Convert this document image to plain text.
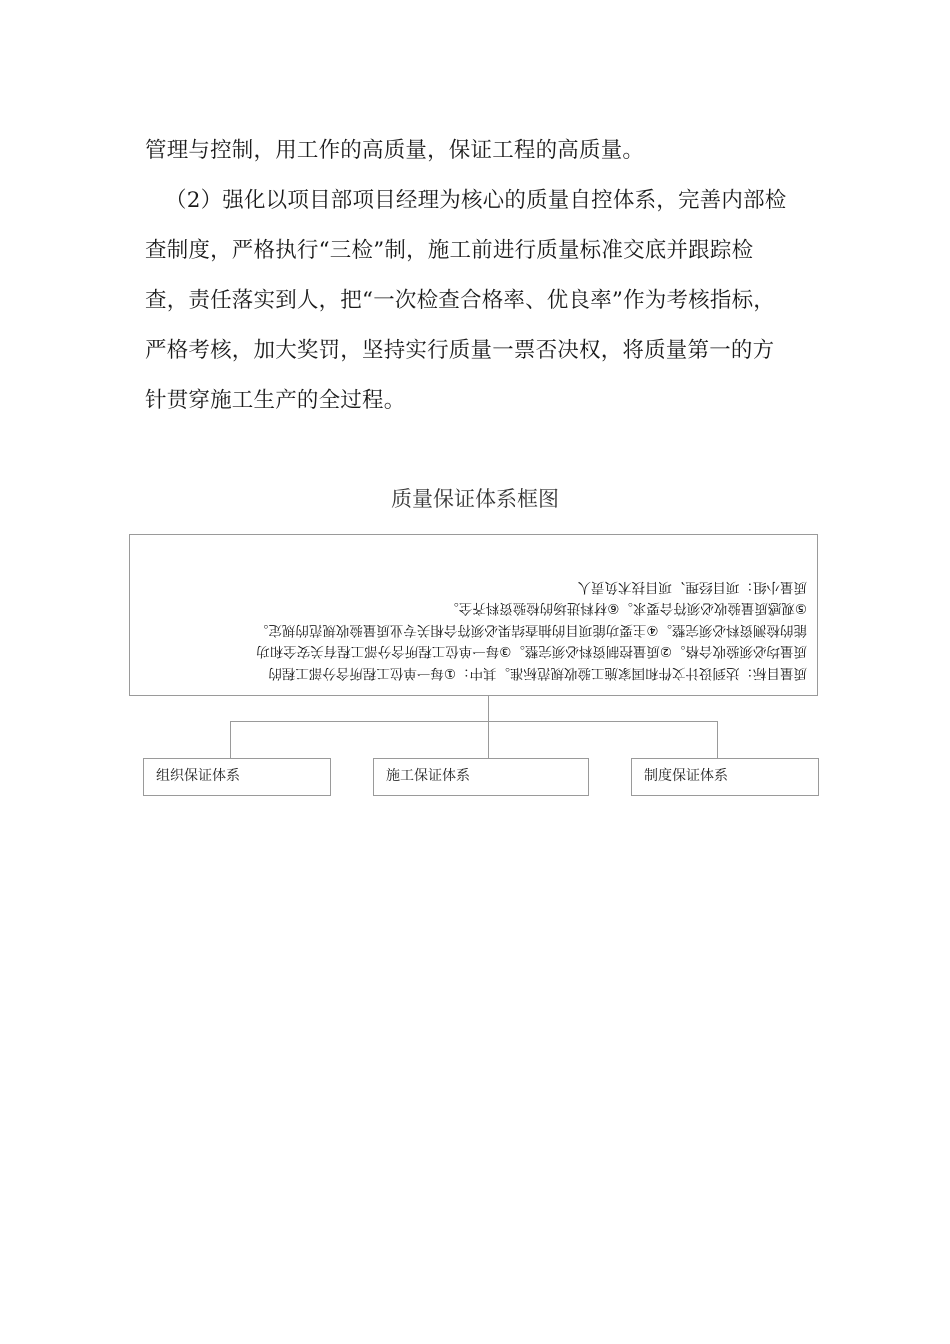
管理与控制，用工作的高质量，保证工程的高质量。
（2）强化以项目部项目经理为核心的质量自控体系，完善内部检
查制度，严格执行“三检”制，施工前进行质量标准交底并跟踪检
查，责任落实到人，把“一次检查合格率、优良率”作为考核指标，
严格考核，加大奖罚，坚持实行质量一票否决权，将质量第一的方
针贯穿施工生产的全过程。
质量保证体系框图
质量目标：达到设计文件和国家施工验收规范标准。其中：①每一单位工程所含分部工程的
质量均必须验收合格。②质量控制资料必须完整。③每一单位工程所含分部工程有关安全和功
能的检测资料必须完整。④主要功能项目的抽查结果必须符合相关专业质量验收规范的规定。
⑤观感质量验收必须符合要求。⑥材料进场的检验资料齐全。
质量小组：项目经理、项目技术负责人
组织保证体系	施工保证体系	制度保证体系
